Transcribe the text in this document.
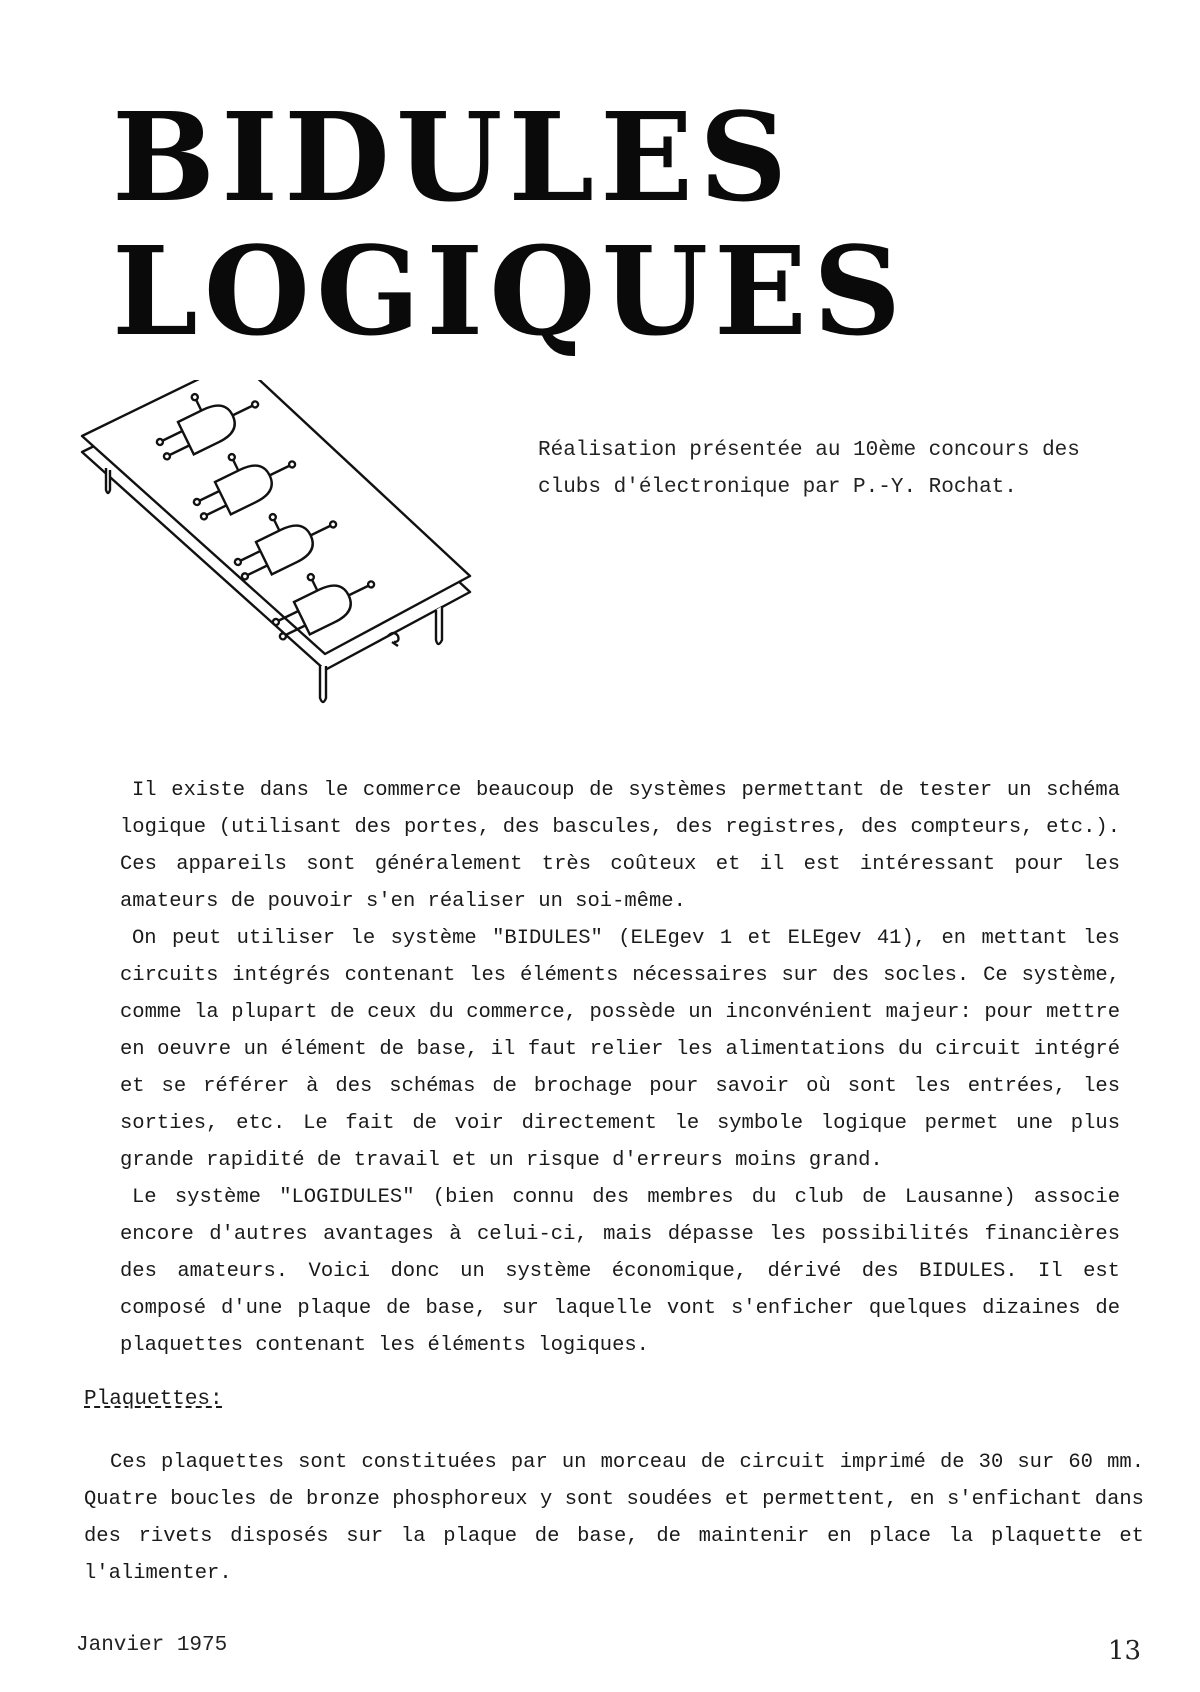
BIDULES
LOGIQUES

Réalisation présentée au 10ème concours des

clubs d'électronique par P.-Y. Rochat.

Il existe dans le commerce beaucoup de systèmes permettant de tester un schéma logique (utilisant des portes, des bascules, des registres, des compteurs, etc.). Ces appareils sont généralement très coûteux et il est intéressant pour les amateurs de pouvoir s'en réaliser un soi-même.

On peut utiliser le système "BIDULES" (ELEgev 1 et ELEgev 41), en mettant les circuits intégrés contenant les éléments nécessaires sur des socles. Ce système, comme la plupart de ceux du commerce, possède un inconvénient majeur: pour mettre en oeuvre un élément de base, il faut relier les alimentations du circuit intégré et se référer à des schémas de brochage pour savoir où sont les entrées, les sorties, etc. Le fait de voir directement le symbole logique permet une plus grande rapidité de travail et un risque d'erreurs moins grand.

Le système "LOGIDULES" (bien connu des membres du club de Lausanne) associe encore d'autres avantages à celui-ci, mais dépasse les possibilités financières des amateurs. Voici donc un système économique, dérivé des BIDULES. Il est composé d'une plaque de base, sur laquelle vont s'enficher quelques dizaines de plaquettes contenant les éléments logiques.

Plaquettes:

Ces plaquettes sont constituées par un morceau de circuit imprimé de 30 sur 60 mm. Quatre boucles de bronze phosphoreux y sont soudées et permettent, en s'enfichant dans des rivets disposés sur la plaque de base, de maintenir en place la plaquette et l'alimenter.

Janvier 1975	13
